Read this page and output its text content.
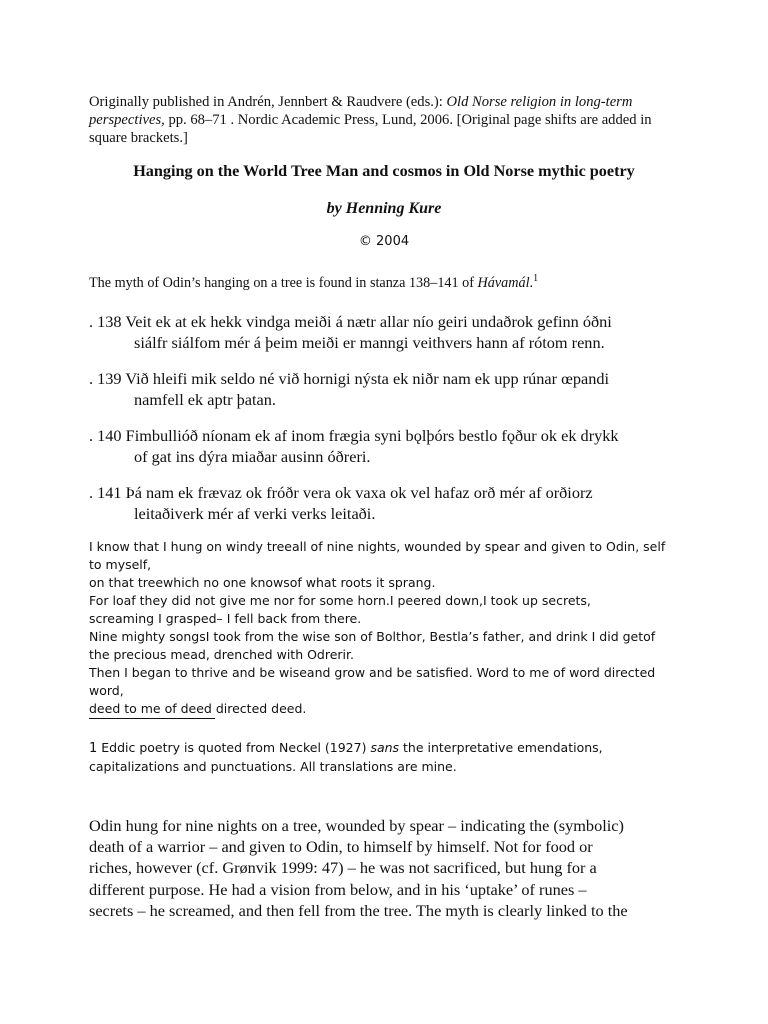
Originally published in Andrén, Jennbert & Raudvere (eds.): Old Norse religion in long-term perspectives, pp. 68–71 . Nordic Academic Press, Lund, 2006. [Original page shifts are added in square brackets.]
Hanging on the World Tree Man and cosmos in Old Norse mythic poetry
by Henning Kure
© 2004
The myth of Odin’s hanging on a tree is found in stanza 138–141 of Hávamál.$^1$
. 138 Veit ek at ek hekk vindga meiði á nætr allar nío geiri undaðrok gefinn óðni
siálfr siálfom mér á þeim meiði er manngi veithvers hann af rótom renn.
. 139 Við hleifi mik seldo né við hornigi nýsta ek niðr nam ek upp rúnar œpandi
namfell ek aptr þatan.
. 140 Fimbullióð níonam ek af inom frægia syni bǫlþórs bestlo fǫður ok ek drykk
of gat ins dýra miaðar ausinn óðreri.
. 141 Þá nam ek frævaz ok fróðr vera ok vaxa ok vel hafaz orð mér af orðiorz
leitaðiverk mér af verki verks leitaði.
I know that I hung on windy treeall of nine nights, wounded by spear and given to Odin, self
to myself,
on that treewhich no one knowsof what roots it sprang.
For loaf they did not give me nor for some horn.I peered down,I took up secrets,
screaming I grasped– I fell back from there.
Nine mighty songsI took from the wise son of Bolthor, Bestla’s father, and drink I did getof
the precious mead, drenched with Odrerir.
Then I began to thrive and be wiseand grow and be satisfied. Word to me of word directed
word,
deed to me of deed directed deed.
1 Eddic poetry is quoted from Neckel (1927) sans the interpretative emendations,
capitalizations and punctuations. All translations are mine.
Odin hung for nine nights on a tree, wounded by spear – indicating the (symbolic)
death of a warrior – and given to Odin, to himself by himself. Not for food or
riches, however (cf. Grønvik 1999: 47) – he was not sacrificed, but hung for a
different purpose. He had a vision from below, and in his ‘uptake’ of runes –
secrets – he screamed, and then fell from the tree. The myth is clearly linked to the
